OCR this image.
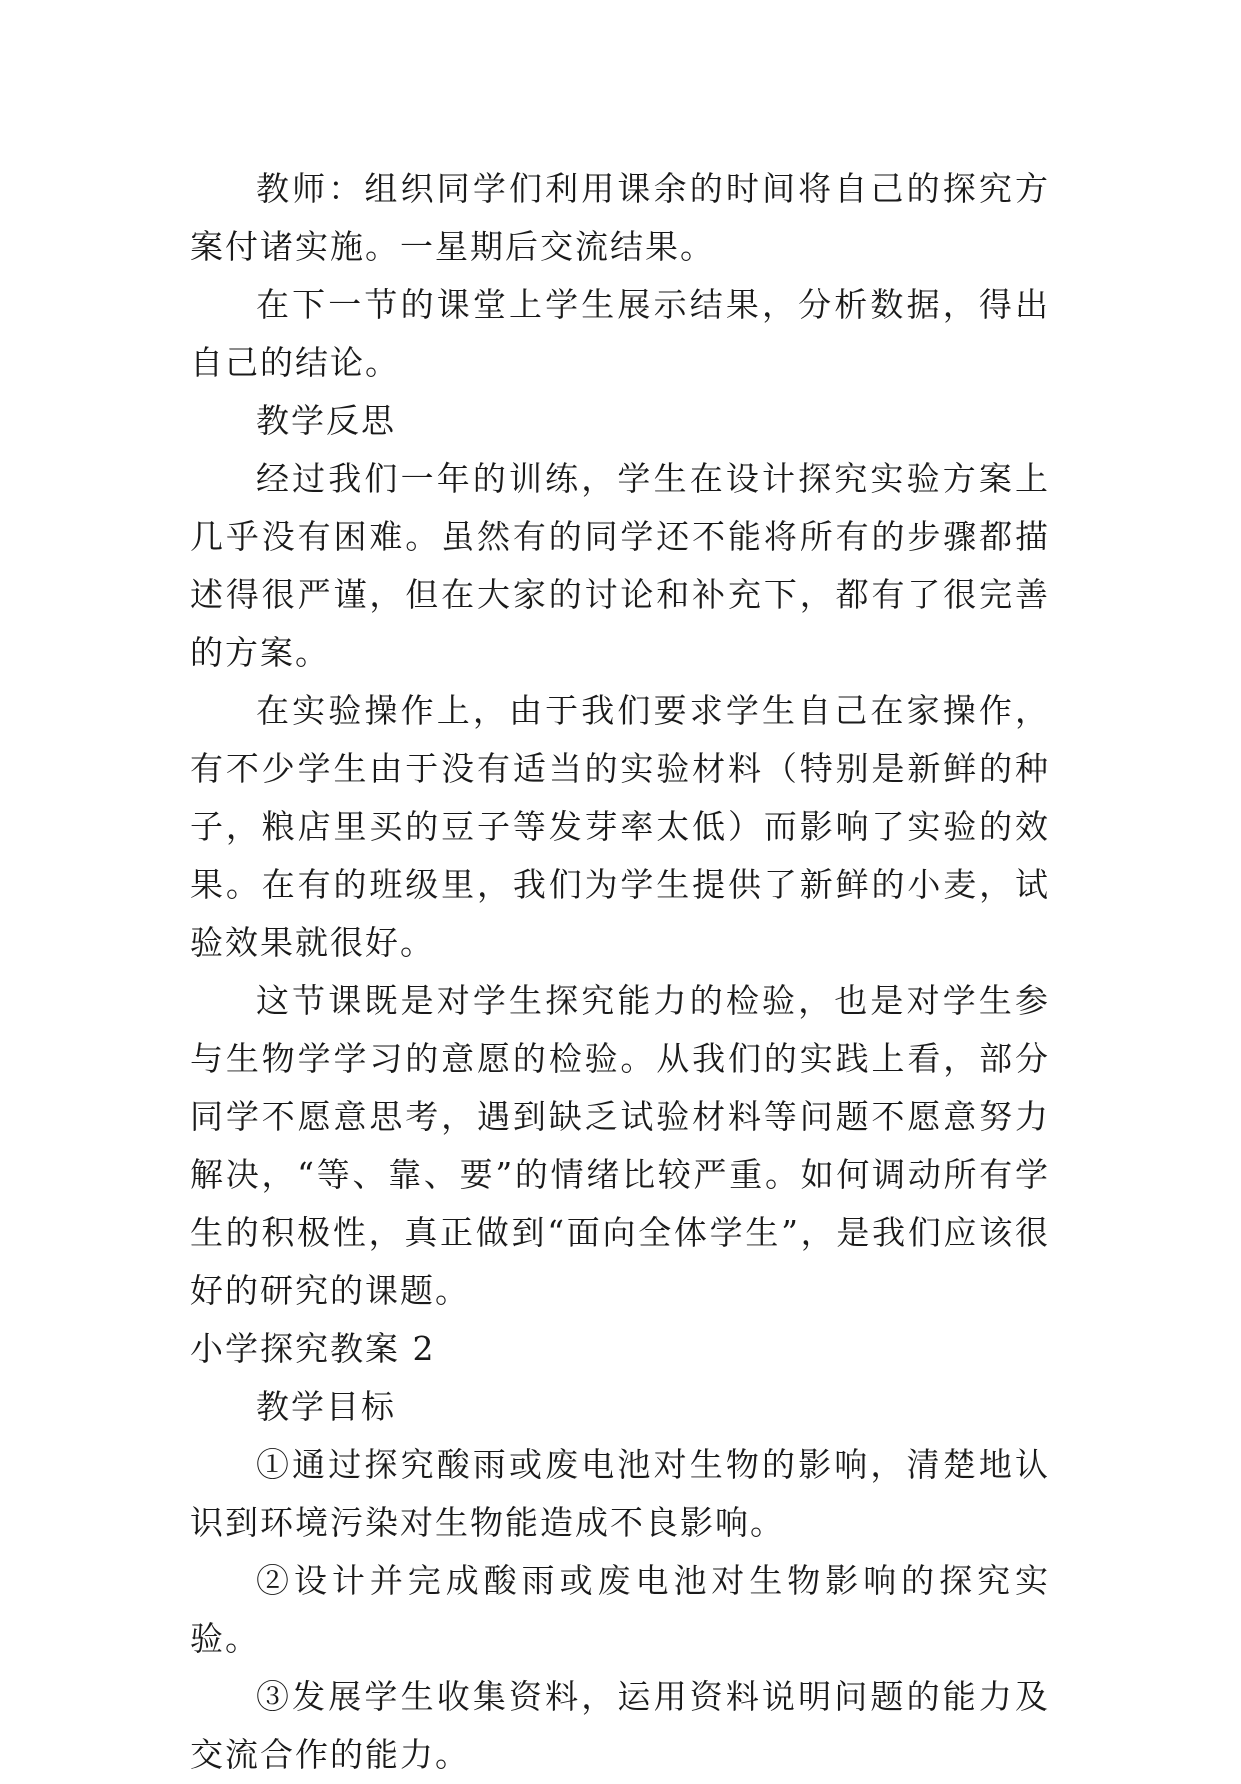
教师：组织同学们利用课余的时间将自己的探究方案付诸实施。一星期后交流结果。

在下一节的课堂上学生展示结果，分析数据，得出自己的结论。

教学反思

经过我们一年的训练，学生在设计探究实验方案上几乎没有困难。虽然有的同学还不能将所有的步骤都描述得很严谨，但在大家的讨论和补充下，都有了很完善的方案。

在实验操作上，由于我们要求学生自己在家操作，有不少学生由于没有适当的实验材料（特别是新鲜的种子，粮店里买的豆子等发芽率太低）而影响了实验的效果。在有的班级里，我们为学生提供了新鲜的小麦，试验效果就很好。

这节课既是对学生探究能力的检验，也是对学生参与生物学学习的意愿的检验。从我们的实践上看，部分同学不愿意思考，遇到缺乏试验材料等问题不愿意努力解决，“等、靠、要”的情绪比较严重。如何调动所有学生的积极性，真正做到“面向全体学生”，是我们应该很好的研究的课题。

小学探究教案 2

教学目标

①通过探究酸雨或废电池对生物的影响，清楚地认识到环境污染对生物能造成不良影响。

②设计并完成酸雨或废电池对生物影响的探究实验。

③发展学生收集资料，运用资料说明问题的能力及交流合作的能力。
